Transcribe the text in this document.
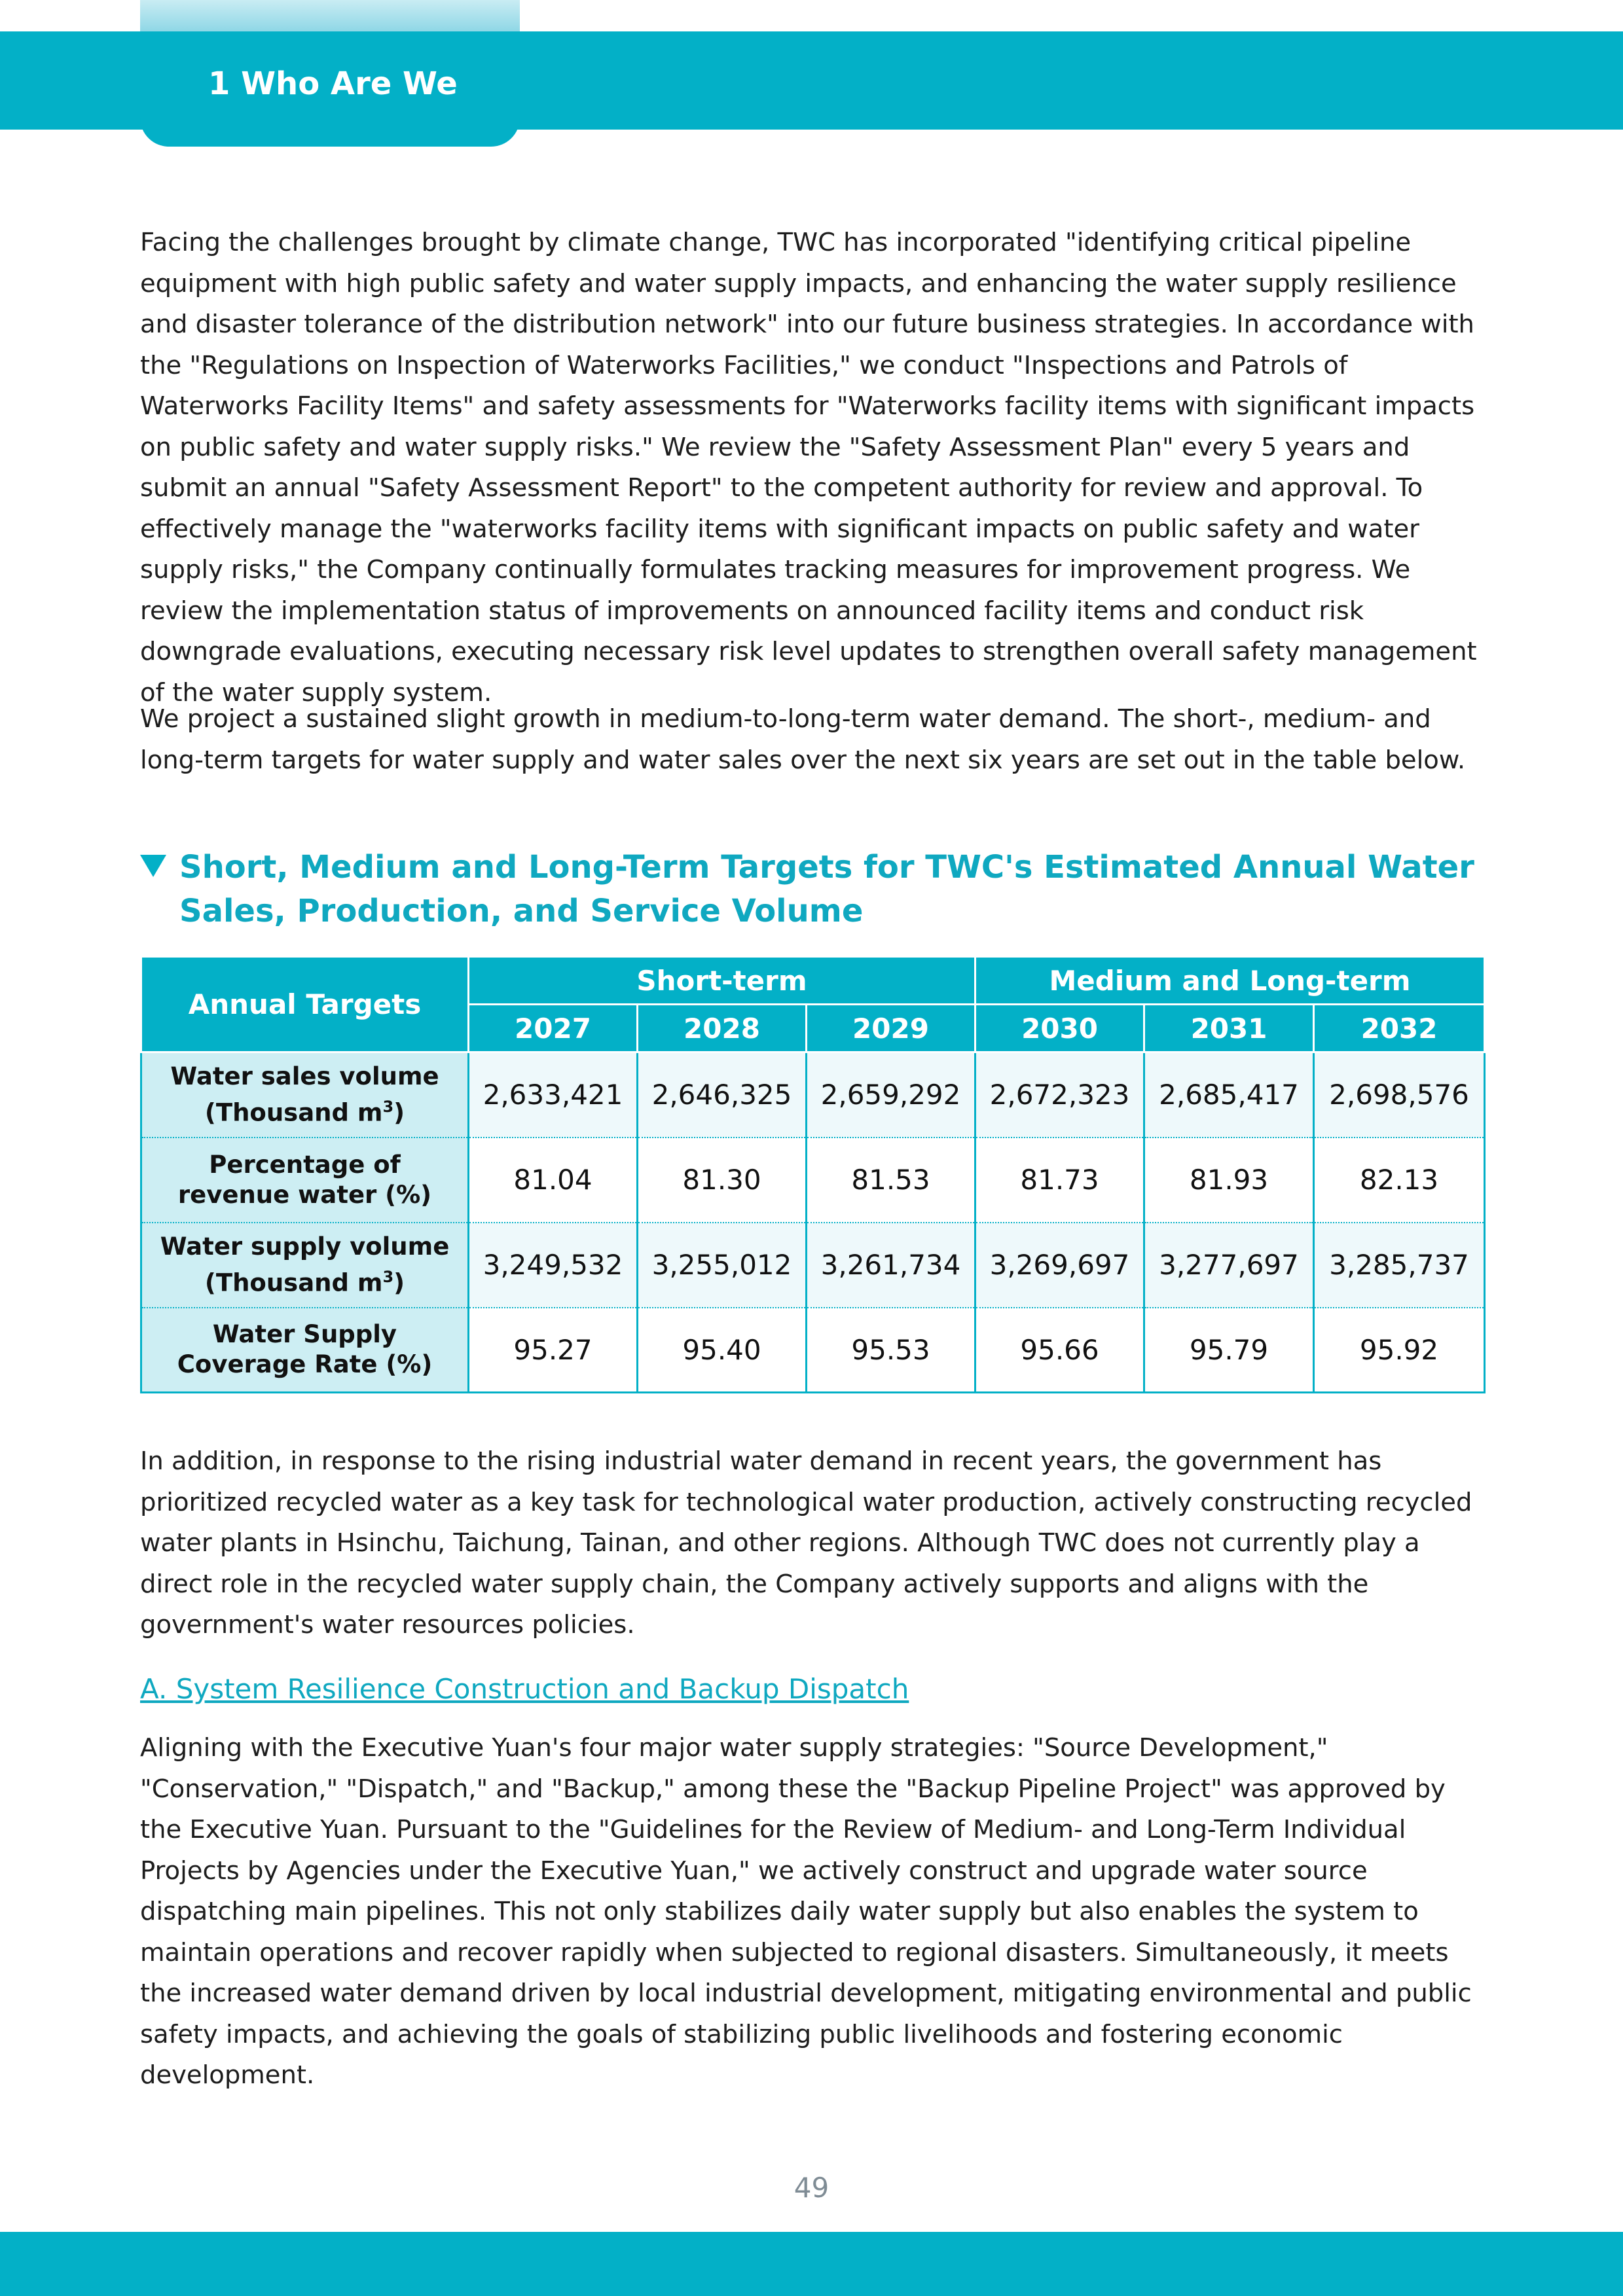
1 Who Are We

Facing the challenges brought by climate change, TWC has incorporated "identifying critical pipeline equipment with high public safety and water supply impacts, and enhancing the water supply resilience and disaster tolerance of the distribution network" into our future business strategies. In accordance with the "Regulations on Inspection of Waterworks Facilities," we conduct "Inspections and Patrols of Waterworks Facility Items" and safety assessments for "Waterworks facility items with significant impacts on public safety and water supply risks." We review the "Safety Assessment Plan" every 5 years and submit an annual "Safety Assessment Report" to the competent authority for review and approval. To effectively manage the "waterworks facility items with significant impacts on public safety and water supply risks," the Company continually formulates tracking measures for improvement progress. We review the implementation status of improvements on announced facility items and conduct risk downgrade evaluations, executing necessary risk level updates to strengthen overall safety management of the water supply system.

We project a sustained slight growth in medium-to-long-term water demand. The short-, medium- and long-term targets for water supply and water sales over the next six years are set out in the table below.

Short, Medium and Long-Term Targets for TWC's Estimated Annual Water
Sales, Production, and Service Volume
Annual Targets	Short-term			Medium and Long-term		
	2027	2028	2029	2030	2031	2032
Water sales volume
(Thousand $m^3$)	2,633,421	2,646,325	2,659,292	2,672,323	2,685,417	2,698,576
Percentage of
revenue water (%)	81.04	81.30	81.53	81.73	81.93	82.13
Water supply volume
(Thousand $m^3$)	3,249,532	3,255,012	3,261,734	3,269,697	3,277,697	3,285,737
Water Supply
Coverage Rate (%)	95.27	95.40	95.53	95.66	95.79	95.92

In addition, in response to the rising industrial water demand in recent years, the government has prioritized recycled water as a key task for technological water production, actively constructing recycled water plants in Hsinchu, Taichung, Tainan, and other regions. Although TWC does not currently play a direct role in the recycled water supply chain, the Company actively supports and aligns with the government's water resources policies.

A. System Resilience Construction and Backup Dispatch

Aligning with the Executive Yuan's four major water supply strategies: "Source Development," "Conservation," "Dispatch," and "Backup," among these the "Backup Pipeline Project" was approved by the Executive Yuan. Pursuant to the "Guidelines for the Review of Medium- and Long-Term Individual Projects by Agencies under the Executive Yuan," we actively construct and upgrade water source dispatching main pipelines. This not only stabilizes daily water supply but also enables the system to maintain operations and recover rapidly when subjected to regional disasters. Simultaneously, it meets the increased water demand driven by local industrial development, mitigating environmental and public safety impacts, and achieving the goals of stabilizing public livelihoods and fostering economic development.

49
